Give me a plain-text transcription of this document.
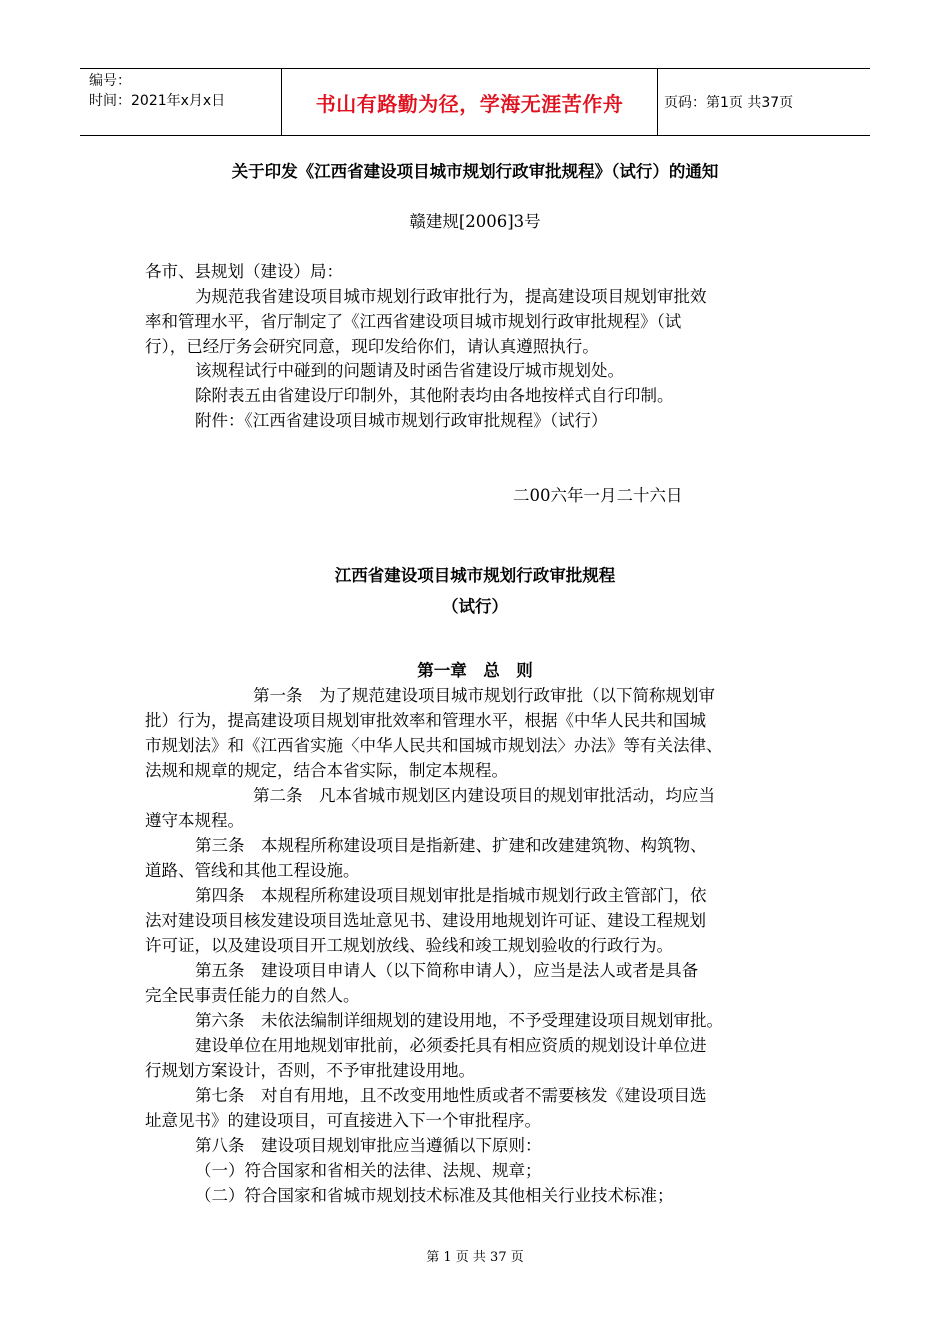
编号：
时间：2021年x月x日	书山有路勤为径，学海无涯苦作舟	页码：第1页 共37页
关于印发《江西省建设项目城市规划行政审批规程》（试行）的通知
赣建规[2006]3号
各市、县规划（建设）局：
为规范我省建设项目城市规划行政审批行为，提高建设项目规划审批效
率和管理水平，省厅制定了《江西省建设项目城市规划行政审批规程》（试
行），已经厅务会研究同意，现印发给你们，请认真遵照执行。
该规程试行中碰到的问题请及时函告省建设厅城市规划处。
除附表五由省建设厅印制外，其他附表均由各地按样式自行印制。
附件：《江西省建设项目城市规划行政审批规程》（试行）
二00六年一月二十六日
江西省建设项目城市规划行政审批规程
（试行）
第一章　总　则
第一条　为了规范建设项目城市规划行政审批（以下简称规划审
批）行为，提高建设项目规划审批效率和管理水平，根据《中华人民共和国城
市规划法》和《江西省实施〈中华人民共和国城市规划法〉办法》等有关法律、
法规和规章的规定，结合本省实际，制定本规程。
第二条　凡本省城市规划区内建设项目的规划审批活动，均应当
遵守本规程。
第三条　本规程所称建设项目是指新建、扩建和改建建筑物、构筑物、
道路、管线和其他工程设施。
第四条　本规程所称建设项目规划审批是指城市规划行政主管部门，依
法对建设项目核发建设项目选址意见书、建设用地规划许可证、建设工程规划
许可证，以及建设项目开工规划放线、验线和竣工规划验收的行政行为。
第五条　建设项目申请人（以下简称申请人），应当是法人或者是具备
完全民事责任能力的自然人。
第六条　未依法编制详细规划的建设用地，不予受理建设项目规划审批。
建设单位在用地规划审批前，必须委托具有相应资质的规划设计单位进
行规划方案设计，否则，不予审批建设用地。
第七条　对自有用地，且不改变用地性质或者不需要核发《建设项目选
址意见书》的建设项目，可直接进入下一个审批程序。
第八条　建设项目规划审批应当遵循以下原则：
（一）符合国家和省相关的法律、法规、规章；
（二）符合国家和省城市规划技术标准及其他相关行业技术标准；
第 1 页 共 37 页
